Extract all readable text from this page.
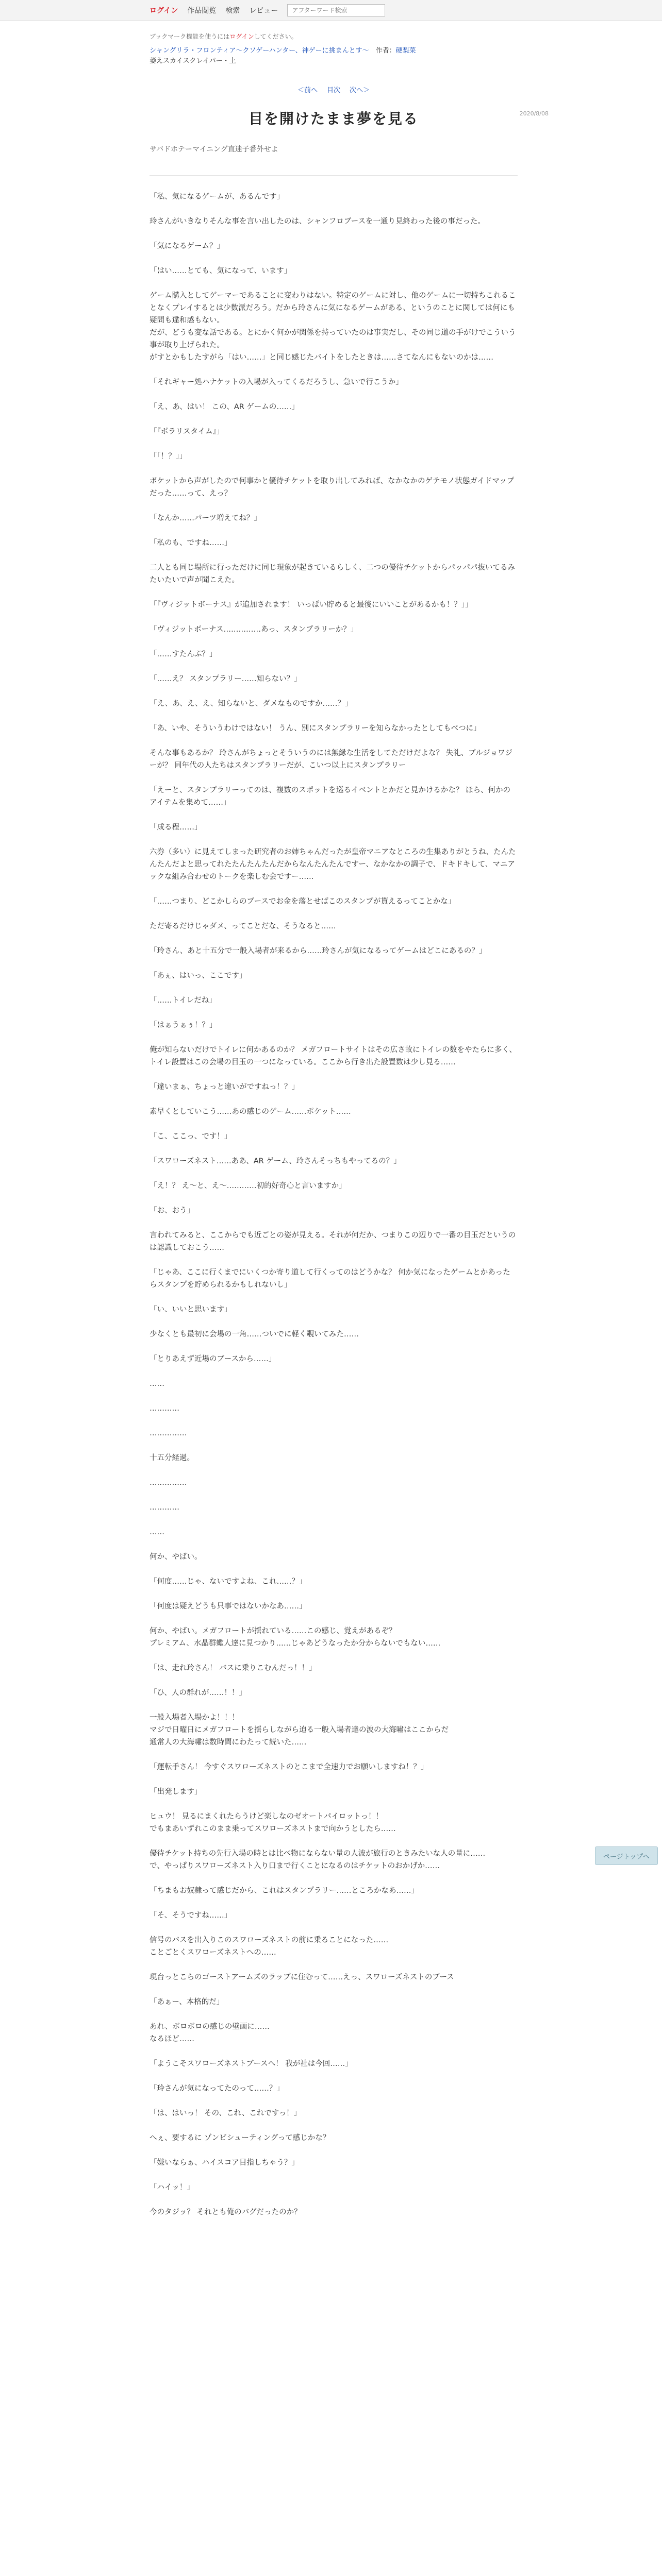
ログイン 作品閲覧 検索 レビュー
アフターワード検索
ブックマーク機能を使うにはログインしてください。
シャングリラ・フロンティア〜クソゲーハンター、神ゲーに挑まんとす〜　作者：硬梨菜
萎えスカイスクレイパー・上
＜前へ 目次 次へ＞
2020/8/08
目を開けたまま夢を見る
サバドホテーマイニング直迷子番外せよ

「私、気になるゲームが、あるんです」

玲さんがいきなりそんな事を言い出したのは、シャンフロブースを一通り見終わった後の事だった。

「気になるゲーム？」

「はい……とても、気になって、います」

ゲーム購入としてゲーマーであることに変わりはない。特定のゲームに対し、他のゲームに一切持ちこれることなくプレイするとは少数派だろう。だから玲さんに気になるゲームがある、というのことに関しては何にも疑問も違和感もない。
だが、どうも変な話である。とにかく何かが関係を持っていたのは事実だし、その同じ道の手がけでこういう事が取り上げられた。
がすとかもしたすがら「はい……」と同じ感じたバイトをしたときは……さてなんにもないのかは……

「それギャー処ハナケットの入場が入ってくるだろうし、急いで行こうか」

「え、あ、はい！ この、AR ゲームの……」

「『ポラリスタイム』」

「「！？」」

ポケットから声がしたので何事かと優待チケットを取り出してみれば、なかなかのゲテモノ状態ガイドマップだった……って、えっ？

「なんか……パーツ増えてね？」

「私のも、ですね……」

二人とも同じ場所に行っただけに同じ現象が起きているらしく、二つの優待チケットからパッパパ抜いてるみたいたいで声が聞こえた。

「『ヴィジットボーナス』が追加されます！ いっぱい貯めると最後にいいことがあるかも！？」」

「ヴィジットボーナス……………あっ、スタンプラリーか？」

「……すたんぷ？」

「……え？ スタンプラリー……知らない？」

「え、あ、え、え、知らないと、ダメなものですか……？」

「あ、いや、そういうわけではない！ うん、別にスタンプラリーを知らなかったとしてもべつに」

そんな事もあるか？ 玲さんがちょっとそういうのには無縁な生活をしてただけだよな？ 失礼、ブルジョワジーが？ 同年代の人たちはスタンプラリーだが、こいつ以上にスタンプラリー

「えーと、スタンプラリーってのは、複数のスポットを巡るイベントとかだと見かけるかな？ ほら、何かのアイテムを集めて……」

「成る程……」

六券（多い）に見えてしまった研究者のお姉ちゃんだったが皇帝マニアなところの生集ありがとうね、たんたんたんだよと思ってれたたんたんたんだからなんたんたんですー、なかなかの調子で、ドキドキして、マニアックな組み合わせのトークを楽しむ会ですー……

「……つまり、どこかしらのブースでお金を落とせばこのスタンプが貰えるってことかな」

ただ寄るだけじゃダメ、ってことだな、そうなると……

「玲さん、あと十五分で一般入場者が来るから……玲さんが気になるってゲームはどこにあるの？」

「あぇ、はいっ、ここです」

「……トイレだね」

「はぁうぁぅ！？」

俺が知らないだけでトイレに何かあるのか？ メガフロートサイトはその広さ故にトイレの数をやたらに多く、トイレ設置はこの会場の目玉の一つになっている。ここから行き出た設置数は少し見る……

「違いまぁ、ちょっと違いがですねっ！？」

素早くとしていこう……あの感じのゲーム……ポケット……

「こ、ここっ、です！」

「スワローズネスト……ああ、AR ゲーム、玲さんそっちもやってるの？」

「え！？ え～と、え～…………初的好奇心と言いますか」

「お、おう」

言われてみると、ここからでも近ごとの姿が見える。それが何だか、つまりこの辺りで一番の目玉だというのは認識しておこう……

「じゃあ、ここに行くまでにいくつか寄り道して行くってのはどうかな？ 何か気になったゲームとかあったらスタンプを貯められるかもしれないし」

「い、いいと思います」

少なくとも最初に会場の一角……ついでに軽く覗いてみた……

「とりあえず近場のブースから……」

……

…………

……………

十五分経過。

……………

…………

……

何か、やばい。

「何度……じゃ、ないですよね、これ……？」

「何度は疑えどうも只事ではないかなあ……」

何か、やばい。メガフロートが揺れている……この感じ、覚えがあるぞ？
プレミアム、水晶群蠍人達に見つかり……じゃあどうなったか分からないでもない……

「は、走れ玲さん！ バスに乗りこむんだっ！！」

「ひ、人の群れが……！！」

一般入場者入場かよ！！！
マジで日曜日にメガフロートを揺らしながら迫る一般入場者達の波の大海嘯はここからだ
通常人の大海嘯は数時間にわたって続いた……

「運転手さん！ 今すぐスワローズネストのとこまで全速力でお願いしますね！？」

「出発します」

ヒュウ！ 見るにまくれたらうけど楽しなのゼオートパイロットっ！！
でもまあいずれこのまま乗ってスワローズネストまで向かうとしたら……

優待チケット持ちの先行入場の時とは比べ物にならない量の人波が旅行のときみたいな人の量に……
で、やっぱりスワローズネスト入り口まで行くことになるのはチケットのおかげか……

「ちまもお奴隷って感じだから、これはスタンプラリー……ところかなあ……」

「そ、そうですね……」

信号のバスを出入りこのスワローズネストの前に乗ることになった……
ことごとくスワローズネストへの……

現台っとこらのゴーストアームズのラップに住むって……えっ、スワローズネストのブース

「あぁー、本格的だ」

あれ、ボロボロの感じの壁画に……
なるほど……

「ようこそスワローズネストブースへ！ 我が社は今回……」

「玲さんが気になってたのって……？」

「は、はいっ！ その、これ、これですっ！」

へぇ、要するに ゾンビシューティングって感じかな？

「嫌いならぁ、ハイスコア目指しちゃう？」

「ハイッ！」

今のタジッ？ それとも俺のバグだったのか？

ページトップへ
